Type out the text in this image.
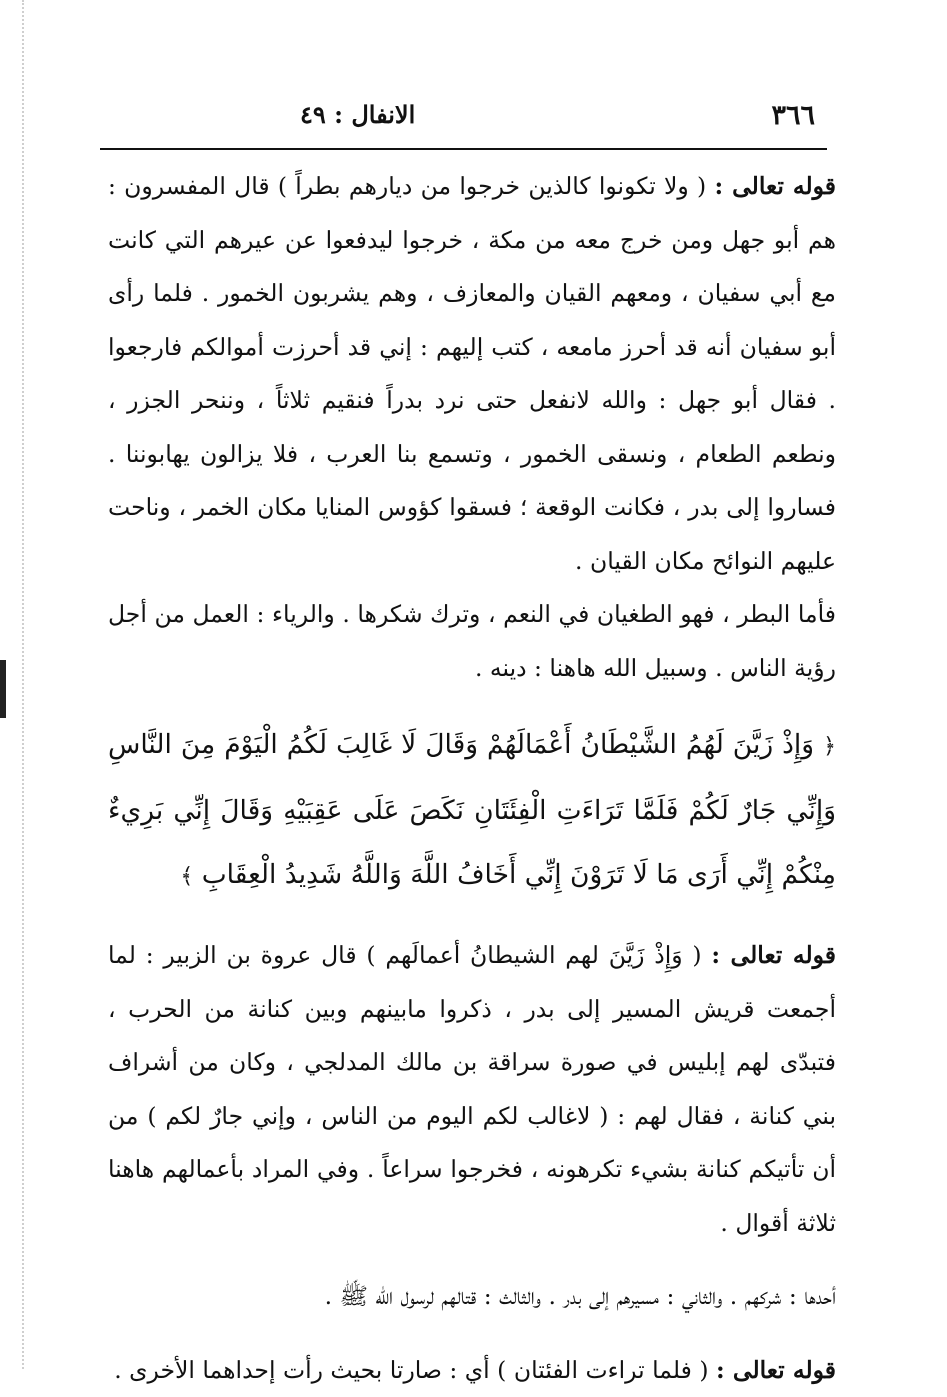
٣٦٦
الانفال : ٤٩

قوله تعالى : ( ولا تكونوا كالذين خرجوا من ديارهم بطراً ) قال المفسرون : هم أبو جهل ومن خرج معه من مكة ، خرجوا ليدفعوا عن عيرهم التي كانت مع أبي سفيان ، ومعهم القيان والمعازف ، وهم يشربون الخمور . فلما رأى أبو سفيان أنه قد أحرز مامعه ، كتب إليهم : إني قد أحرزت أموالكم فارجعوا . فقال أبو جهل : والله لانفعل حتى نرد بدراً فنقيم ثلاثاً ، وننحر الجزر ، ونطعم الطعام ، ونسقى الخمور ، وتسمع بنا العرب ، فلا يزالون يهابوننا . فساروا إلى بدر ، فكانت الوقعة ؛ فسقوا كؤوس المنايا مكان الخمر ، وناحت عليهم النوائح مكان القيان .

فأما البطر ، فهو الطغيان في النعم ، وترك شكرها . والرياء : العمل من أجل رؤية الناس . وسبيل الله هاهنا : دينه .

﴿ وَإِذْ زَيَّنَ لَهُمُ الشَّيْطَانُ أَعْمَالَهُمْ وَقَالَ لَا غَالِبَ لَكُمُ الْيَوْمَ مِنَ النَّاسِ وَإِنِّي جَارٌ لَكُمْ فَلَمَّا تَرَاءَتِ الْفِئَتَانِ نَكَصَ عَلَى عَقِبَيْهِ وَقَالَ إِنِّي بَرِيءٌ مِنْكُمْ إِنِّي أَرَى مَا لَا تَرَوْنَ إِنِّي أَخَافُ اللَّهَ وَاللَّهُ شَدِيدُ الْعِقَابِ ﴾

قوله تعالى : ( وَإِذْ زَيَّنَ لهم الشيطانُ أعمالَهم ) قال عروة بن الزبير : لما أجمعت قريش المسير إلى بدر ، ذكروا مابينهم وبين كنانة من الحرب ، فتبدّى لهم إبليس في صورة سراقة بن مالك المدلجي ، وكان من أشراف بني كنانة ، فقال لهم : ( لاغالب لكم اليوم من الناس ، وإني جارٌ لكم ) من أن تأتيكم كنانة بشيء تكرهونه ، فخرجوا سراعاً . وفي المراد بأعمالهم هاهنا ثلاثة أقوال .

أحدها : شركهم . والثاني : مسيرهم إلى بدر . والثالث : قتالهم لرسول الله ﷺ .

قوله تعالى : ( فلما تراءت الفئتان ) أي : صارتا بحيث رأت إحداهما الأخرى .
